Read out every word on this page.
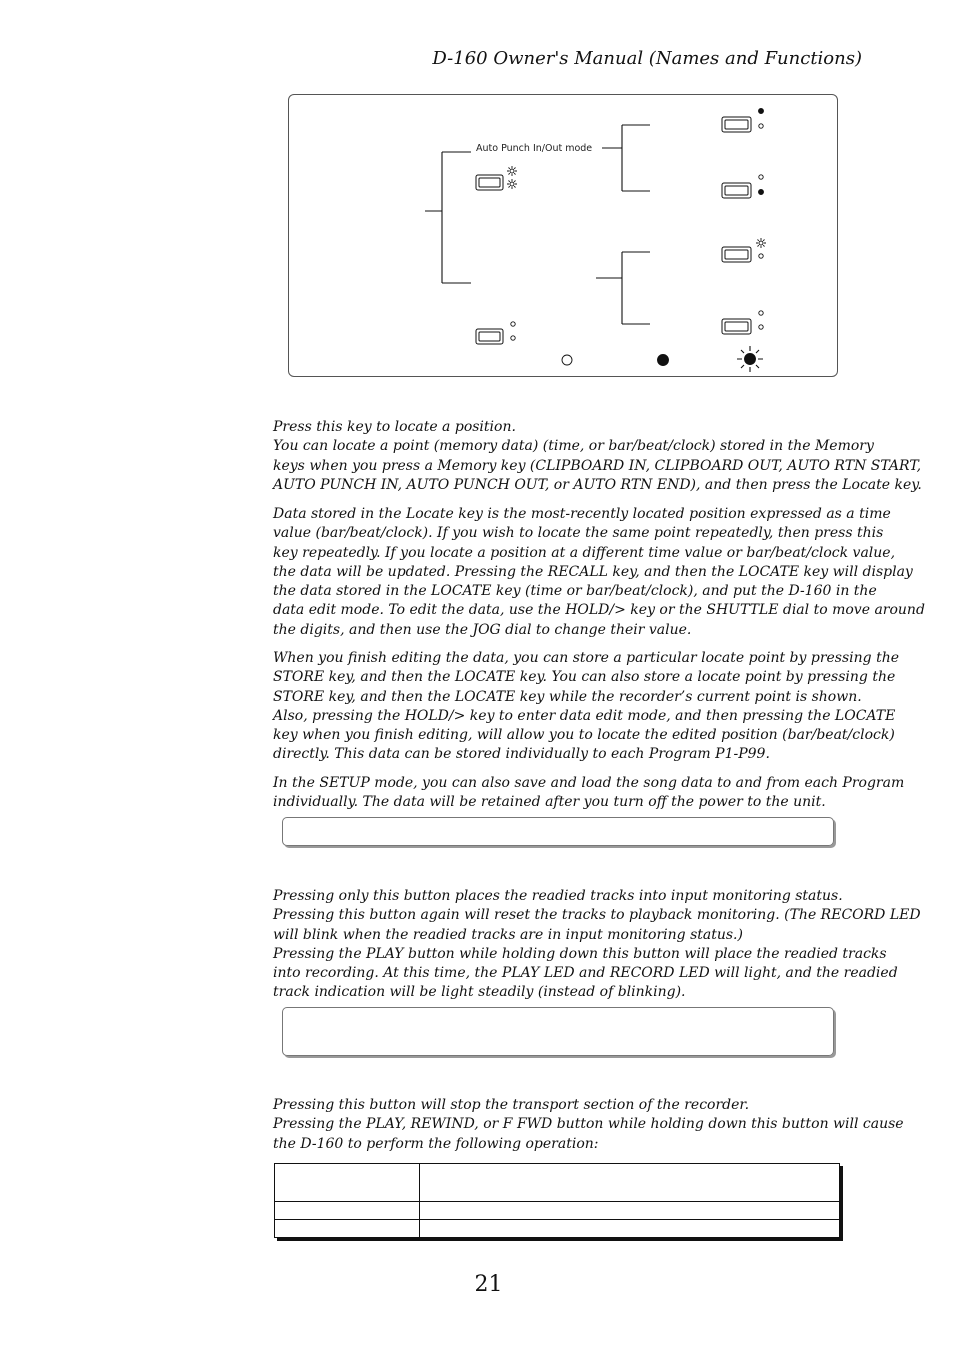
D-160 Owner's Manual (Names and Functions)
Auto Punch In/Out mode

Press this key to locate a position.
You can locate a point (memory data) (time, or bar/beat/clock) stored in the Memory
keys when you press a Memory key (CLIPBOARD IN, CLIPBOARD OUT, AUTO RTN START,
AUTO PUNCH IN, AUTO PUNCH OUT, or AUTO RTN END), and then press the Locate key.

Data stored in the Locate key is the most-recently located position expressed as a time
value (bar/beat/clock). If you wish to locate the same point repeatedly, then press this
key repeatedly. If you locate a position at a different time value or bar/beat/clock value,
the data will be updated. Pressing the RECALL key, and then the LOCATE key will display
the data stored in the LOCATE key (time or bar/beat/clock), and put the D-160 in the
data edit mode. To edit the data, use the HOLD/> key or the SHUTTLE dial to move around
the digits, and then use the JOG dial to change their value.

When you finish editing the data, you can store a particular locate point by pressing the
STORE key, and then the LOCATE key. You can also store a locate point by pressing the
STORE key, and then the LOCATE key while the recorder’s current point is shown.
Also, pressing the HOLD/> key to enter data edit mode, and then pressing the LOCATE
key when you finish editing, will allow you to locate the edited position (bar/beat/clock)
directly. This data can be stored individually to each Program P1-P99.

In the SETUP mode, you can also save and load the song data to and from each Program
individually. The data will be retained after you turn off the power to the unit.

Pressing only this button places the readied tracks into input monitoring status.
Pressing this button again will reset the tracks to playback monitoring. (The RECORD LED
will blink when the readied tracks are in input monitoring status.)
Pressing the PLAY button while holding down this button will place the readied tracks
into recording. At this time, the PLAY LED and RECORD LED will light, and the readied
track indication will be light steadily (instead of blinking).

Pressing this button will stop the transport section of the recorder.
Pressing the PLAY, REWIND, or F FWD button while holding down this button will cause
the D-160 to perform the following operation:

21
